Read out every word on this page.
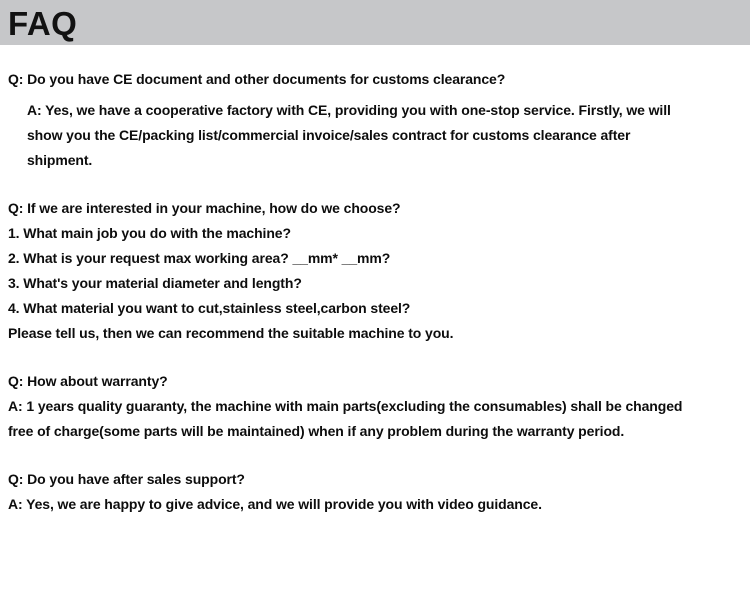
FAQ
Q: Do you have CE document and other documents for customs clearance?
A: Yes, we have a cooperative factory with CE, providing you with one-stop service. Firstly, we will
show you the CE/packing list/commercial invoice/sales contract for customs clearance after
shipment.
Q: If we are interested in your machine, how do we choose?
1. What main job you do with the machine?
2. What is your request max working area? __mm* __mm?
3. What's your material diameter and length?
4. What material you want to cut,stainless steel,carbon steel?
Please tell us, then we can recommend the suitable machine to you.
Q: How about warranty?
A: 1 years quality guaranty, the machine with main parts(excluding the consumables) shall be changed
free of charge(some parts will be maintained) when if any problem during the warranty period.
Q: Do you have after sales support?
A: Yes, we are happy to give advice, and we will provide you with video guidance.
